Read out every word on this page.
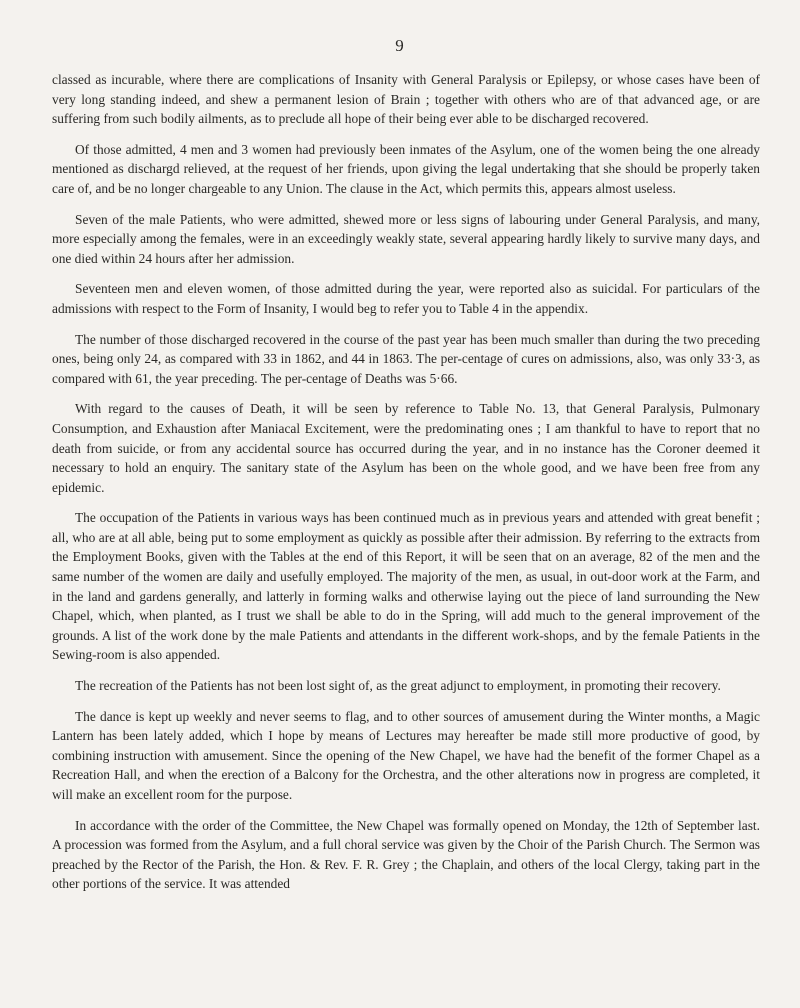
9

classed as incurable, where there are complications of Insanity with General Paralysis or Epilepsy, or whose cases have been of very long standing indeed, and shew a permanent lesion of Brain ; together with others who are of that advanced age, or are suffering from such bodily ailments, as to preclude all hope of their being ever able to be discharged recovered.

Of those admitted, 4 men and 3 women had previously been inmates of the Asylum, one of the women being the one already mentioned as dischargd relieved, at the request of her friends, upon giving the legal undertaking that she should be properly taken care of, and be no longer chargeable to any Union. The clause in the Act, which permits this, appears almost useless.

Seven of the male Patients, who were admitted, shewed more or less signs of labouring under General Paralysis, and many, more especially among the females, were in an exceedingly weakly state, several appearing hardly likely to survive many days, and one died within 24 hours after her admission.

Seventeen men and eleven women, of those admitted during the year, were reported also as suicidal. For particulars of the admissions with respect to the Form of Insanity, I would beg to refer you to Table 4 in the appendix.

The number of those discharged recovered in the course of the past year has been much smaller than during the two preceding ones, being only 24, as compared with 33 in 1862, and 44 in 1863. The per-centage of cures on admissions, also, was only 33·3, as compared with 61, the year preceding. The per-centage of Deaths was 5·66.

With regard to the causes of Death, it will be seen by reference to Table No. 13, that General Paralysis, Pulmonary Consumption, and Exhaustion after Maniacal Excitement, were the predominating ones ; I am thankful to have to report that no death from suicide, or from any accidental source has occurred during the year, and in no instance has the Coroner deemed it necessary to hold an enquiry. The sanitary state of the Asylum has been on the whole good, and we have been free from any epidemic.

The occupation of the Patients in various ways has been continued much as in previous years and attended with great benefit ; all, who are at all able, being put to some employment as quickly as possible after their admission. By referring to the extracts from the Employment Books, given with the Tables at the end of this Report, it will be seen that on an average, 82 of the men and the same number of the women are daily and usefully employed. The majority of the men, as usual, in out-door work at the Farm, and in the land and gardens generally, and latterly in forming walks and otherwise laying out the piece of land surrounding the New Chapel, which, when planted, as I trust we shall be able to do in the Spring, will add much to the general improvement of the grounds. A list of the work done by the male Patients and attendants in the different work-shops, and by the female Patients in the Sewing-room is also appended.

The recreation of the Patients has not been lost sight of, as the great adjunct to employment, in promoting their recovery.

The dance is kept up weekly and never seems to flag, and to other sources of amusement during the Winter months, a Magic Lantern has been lately added, which I hope by means of Lectures may hereafter be made still more productive of good, by combining instruction with amusement. Since the opening of the New Chapel, we have had the benefit of the former Chapel as a Recreation Hall, and when the erection of a Balcony for the Orchestra, and the other alterations now in progress are completed, it will make an excellent room for the purpose.

In accordance with the order of the Committee, the New Chapel was formally opened on Monday, the 12th of September last. A procession was formed from the Asylum, and a full choral service was given by the Choir of the Parish Church. The Sermon was preached by the Rector of the Parish, the Hon. & Rev. F. R. Grey ; the Chaplain, and others of the local Clergy, taking part in the other portions of the service. It was attended
